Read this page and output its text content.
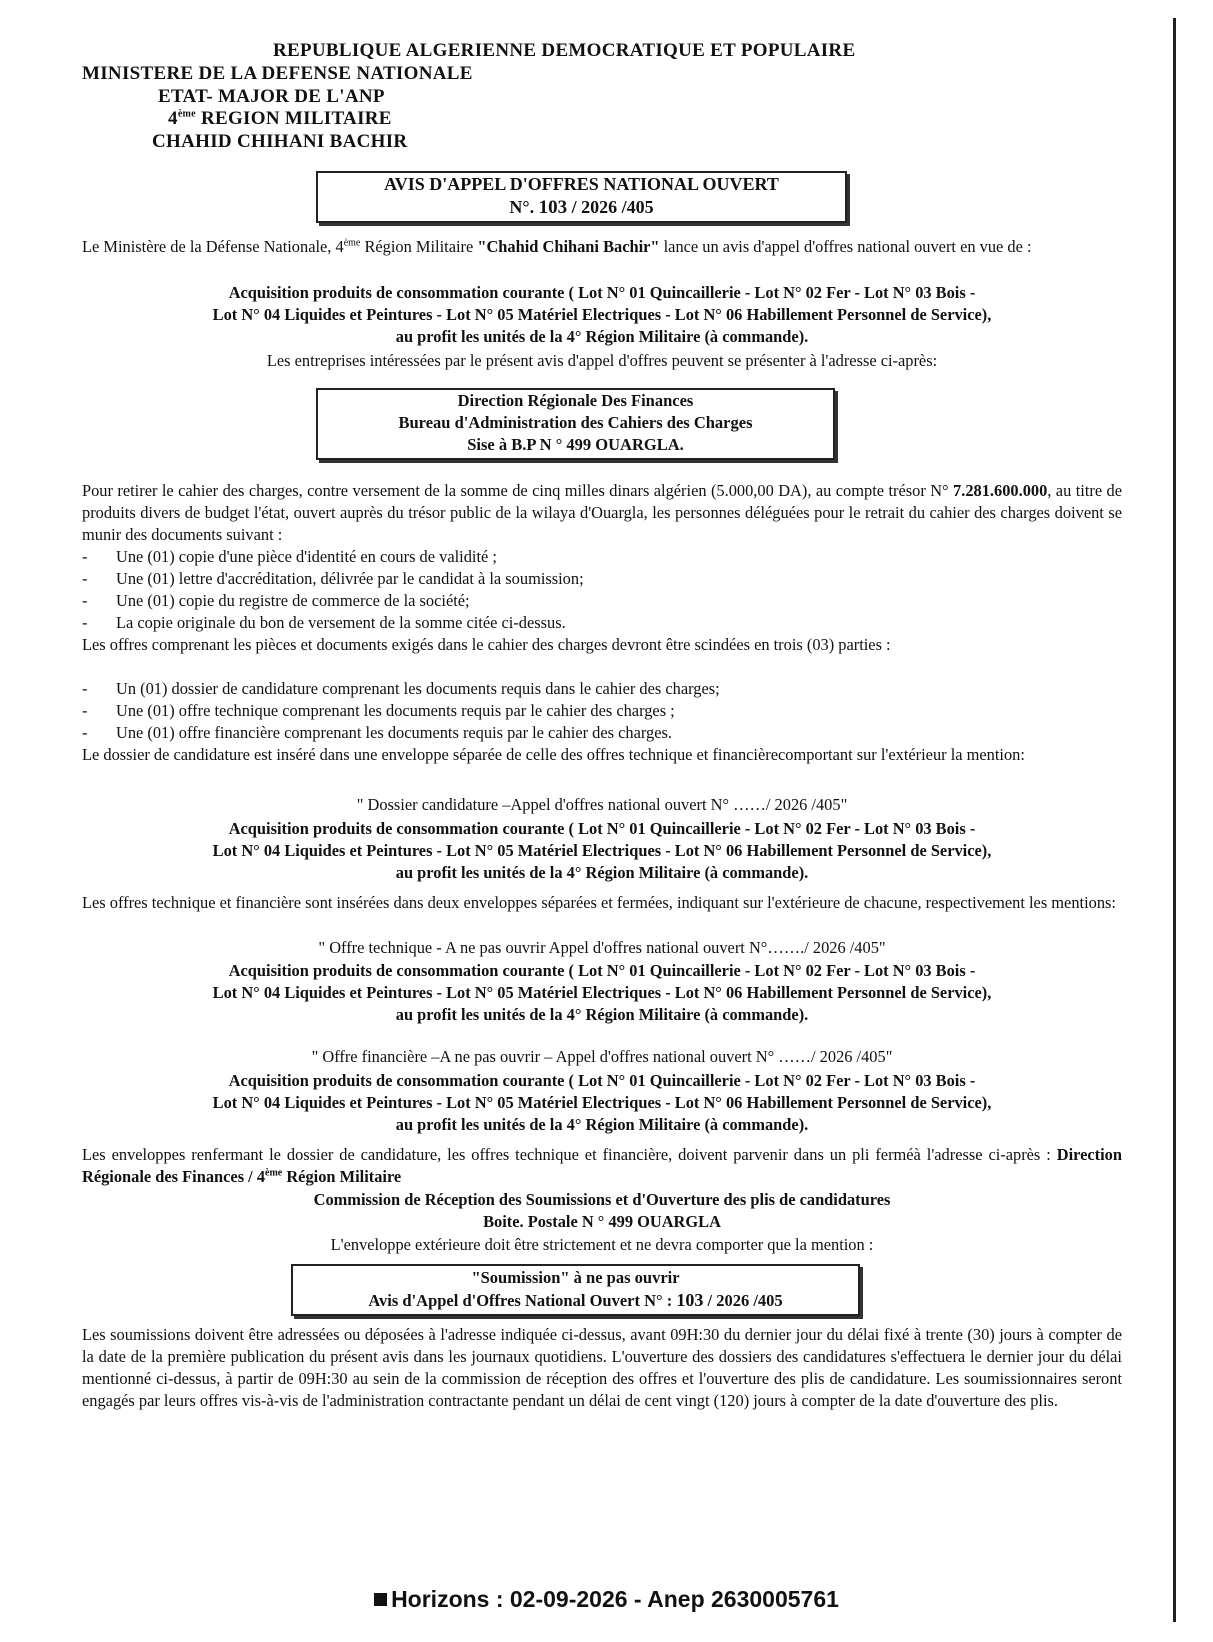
REPUBLIQUE ALGERIENNE DEMOCRATIQUE ET POPULAIRE
MINISTERE DE LA DEFENSE NATIONALE
ETAT- MAJOR DE L'ANP
4ème REGION MILITAIRE
CHAHID CHIHANI BACHIR
AVIS D'APPEL D'OFFRES NATIONAL OUVERT
N°. 103 / 2026 /405
Le Ministère de la Défense Nationale, 4ème Région Militaire "Chahid Chihani Bachir" lance un avis d'appel d'offres national ouvert en vue de :
Acquisition produits de consommation courante ( Lot N° 01 Quincaillerie - Lot N° 02 Fer - Lot N° 03 Bois -
Lot N° 04 Liquides et Peintures - Lot N° 05 Matériel Electriques - Lot N° 06 Habillement Personnel de Service),
au profit les unités de la 4° Région Militaire (à commande).
Les entreprises intéressées par le présent avis d'appel d'offres peuvent se présenter à l'adresse ci-après:
Direction Régionale Des Finances
Bureau d'Administration des Cahiers des Charges
Sise à B.P N ° 499 OUARGLA.
Pour retirer le cahier des charges, contre versement de la somme de cinq milles dinars algérien (5.000,00 DA), au compte trésor N° 7.281.600.000, au titre de produits divers de budget l'état, ouvert auprès du trésor public de la wilaya d'Ouargla, les personnes déléguées pour le retrait du cahier des charges doivent se munir des documents suivant :
- Une (01) copie d'une pièce d'identité en cours de validité ;
- Une (01) lettre d'accréditation, délivrée par le candidat à la soumission;
- Une (01) copie du registre de commerce de la société;
- La copie originale du bon de versement de la somme citée ci-dessus.
Les offres comprenant les pièces et documents exigés dans le cahier des charges devront être scindées en trois (03) parties :
- Un (01) dossier de candidature comprenant les documents requis dans le cahier des charges;
- Une (01) offre technique comprenant les documents requis par le cahier des charges ;
- Une (01) offre financière comprenant les documents requis par le cahier des charges.
Le dossier de candidature est inséré dans une enveloppe séparée de celle des offres technique et financièrecomportant sur l'extérieur la mention:
" Dossier candidature –Appel d'offres national ouvert N° ……/ 2026 /405"
Acquisition produits de consommation courante ( Lot N° 01 Quincaillerie - Lot N° 02 Fer - Lot N° 03 Bois -
Lot N° 04 Liquides et Peintures - Lot N° 05 Matériel Electriques - Lot N° 06 Habillement Personnel de Service),
au profit les unités de la 4° Région Militaire (à commande).
Les offres technique et financière sont insérées dans deux enveloppes séparées et fermées, indiquant sur l'extérieure de chacune, respectivement les mentions:
" Offre technique - A ne pas ouvrir Appel d'offres national ouvert N°……./ 2026 /405"
Acquisition produits de consommation courante ( Lot N° 01 Quincaillerie - Lot N° 02 Fer - Lot N° 03 Bois -
Lot N° 04 Liquides et Peintures - Lot N° 05 Matériel Electriques - Lot N° 06 Habillement Personnel de Service),
au profit les unités de la 4° Région Militaire (à commande).
" Offre financière –A ne pas ouvrir – Appel d'offres national ouvert N° ……/ 2026 /405"
Acquisition produits de consommation courante ( Lot N° 01 Quincaillerie - Lot N° 02 Fer - Lot N° 03 Bois -
Lot N° 04 Liquides et Peintures - Lot N° 05 Matériel Electriques - Lot N° 06 Habillement Personnel de Service),
au profit les unités de la 4° Région Militaire (à commande).
Les enveloppes renfermant le dossier de candidature, les offres technique et financière, doivent parvenir dans un pli ferméà l'adresse ci-après : Direction Régionale des Finances / 4ème Région Militaire
Commission de Réception des Soumissions et d'Ouverture des plis de candidatures
Boite. Postale N ° 499 OUARGLA
L'enveloppe extérieure doit être strictement et ne devra comporter que la mention :
"Soumission" à ne pas ouvrir
Avis d'Appel d'Offres National Ouvert N° : 103 / 2026 /405
Les soumissions doivent être adressées ou déposées à l'adresse indiquée ci-dessus, avant 09H:30 du dernier jour du délai fixé à trente (30) jours à compter de la date de la première publication du présent avis dans les journaux quotidiens. L'ouverture des dossiers des candidatures s'effectuera le dernier jour du délai mentionné ci-dessus, à partir de 09H:30 au sein de la commission de réception des offres et l'ouverture des plis de candidature. Les soumissionnaires seront engagés par leurs offres vis-à-vis de l'administration contractante pendant un délai de cent vingt (120) jours à compter de la date d'ouverture des plis.
Horizons : 02-09-2026 - Anep 2630005761
